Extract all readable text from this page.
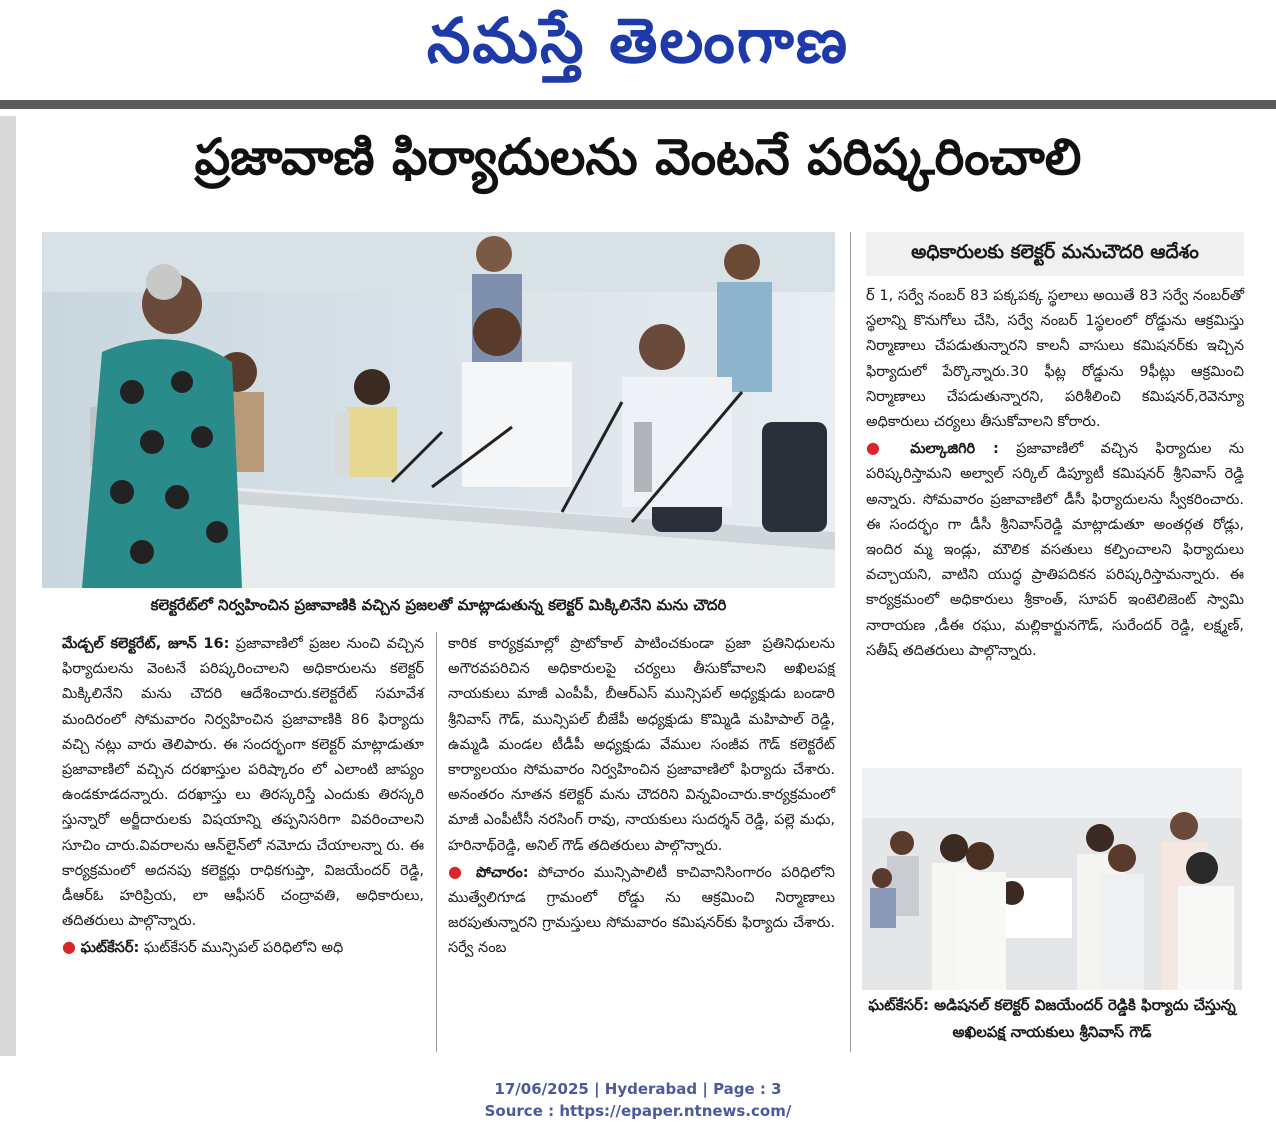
నమస్తే తెలంగాణ
ప్రజావాణి ఫిర్యాదులను వెంటనే పరిష్కరించాలి
కలెక్టరేట్‌లో నిర్వహించిన ప్రజావాణికి వచ్చిన ప్రజలతో మాట్లాడుతున్న కలెక్టర్ మిక్కిలినేని మను చౌదరి
అధికారులకు కలెక్టర్ మనుచౌదరి ఆదేశం

మేడ్చల్ కలెక్టరేట్, జూన్ 16: ప్రజావాణిలో ప్రజల నుంచి వచ్చిన ఫిర్యాదులను వెంటనే పరిష్కరించాలని అధికారులను కలెక్టర్ మిక్కిలినేని మను చౌదరి ఆదేశించారు.కలెక్టరేట్ సమావేశ మందిరంలో సోమవారం నిర్వహించిన ప్రజావాణికి 86 ఫిర్యాదు వచ్చి నట్లు వారు తెలిపారు. ఈ సందర్భంగా కలెక్టర్ మాట్లాడుతూ ప్రజావాణిలో వచ్చిన దరఖాస్తుల పరిష్కారం లో ఎలాంటి జాప్యం ఉండకూడదన్నారు. దరఖాస్తు లు తిరస్కరిస్తే ఎందుకు తిరస్కరి స్తున్నారో అర్జీదారులకు విషయాన్ని తప్పనిసరిగా వివరించాలని సూచిం చారు.వివరాలను ఆన్‌లైన్‌లో నమోదు చేయాలన్నా రు. ఈ కార్యక్రమంలో అదనపు కలెక్టర్లు రాధికగుప్తా, విజయేందర్ రెడ్డి, డీఆర్‌ఓ హరిప్రియ, లా ఆఫీసర్ చంద్రావతి, అధికారులు, తదితరులు పాల్గొన్నారు.

● ఘట్‌కేసర్: ఘట్‌కేసర్ మున్సిపల్ పరిధిలోని అధి

కారిక కార్యక్రమాల్లో ప్రొటోకాల్ పాటించకుండా ప్రజా ప్రతినిధులను అగౌరవపరిచిన అధికారులపై చర్యలు తీసుకోవాలని అఖిలపక్ష నాయకులు మాజీ ఎంపీపీ, బీఆర్‌ఎస్ మున్సిపల్ అధ్యక్షుడు బండారి శ్రీనివాస్ గౌడ్, మున్సిపల్ బీజేపీ అధ్యక్షుడు కొమ్మిడి మహిపాల్ రెడ్డి, ఉమ్మడి మండల టీడీపీ అధ్యక్షుడు వేముల సంజీవ గౌడ్ కలెక్టరేట్ కార్యాలయం సోమవారం నిర్వహించిన ప్రజావాణిలో ఫిర్యాదు చేశారు. అనంతరం నూతన కలెక్టర్ మను చౌదరిని విన్నవించారు.కార్యక్రమంలో మాజీ ఎంపీటీసీ నరసింగ్ రావు, నాయకులు సుదర్శన్ రెడ్డి, పల్లె మధు, హరినాథ్‌రెడ్డి, అనిల్ గౌడ్ తదితరులు పాల్గొన్నారు.

● పోచారం: పోచారం మున్సిపాలిటీ కాచివానిసింగారం పరిధిలోని ముత్వేలిగూడ గ్రామంలో రోడ్డు ను ఆక్రమించి నిర్మాణాలు జరపుతున్నారని గ్రామస్తులు సోమవారం కమిషనర్‌కు ఫిర్యాదు చేశారు. సర్వే నంబ

ర్ 1, సర్వే నంబర్ 83 పక్కపక్క స్థలాలు అయితే 83 సర్వే నంబర్‌తో స్థలాన్ని కొనుగోలు చేసి, సర్వే నంబర్ 1స్థలంలో రోడ్డును ఆక్రమిస్తు నిర్మాణాలు చేపడుతున్నారని కాలనీ వాసులు కమిషనర్‌కు ఇచ్చిన ఫిర్యాదులో పేర్కొన్నారు.30 ఫీట్ల రోడ్డును 9ఫీట్లు ఆక్రమించి నిర్మాణాలు చేపడుతున్నారని, పరిశీలించి కమిషనర్,రెవెన్యూ అధికారులు చర్యలు తీసుకోవాలని కోరారు.

● మల్కాజిగిరి : ప్రజావాణిలో వచ్చిన ఫిర్యాదుల ను పరిష్కరిస్తామని అల్వాల్ సర్కిల్ డిప్యూటీ కమిషనర్ శ్రీనివాస్ రెడ్డి అన్నారు. సోమవారం ప్రజావాణిలో డీసీ ఫిర్యాదులను స్వీకరించారు. ఈ సందర్భం గా డీసీ శ్రీనివాస్‌రెడ్డి మాట్లాడుతూ అంతర్గత రోడ్లు, ఇందిర మ్మ ఇండ్లు, మౌలిక వసతులు కల్పించాలని ఫిర్యాదులు వచ్చాయని, వాటిని యుద్ధ ప్రాతిపదికన పరిష్కరిస్తామన్నారు. ఈ కార్యక్రమంలో అధికారులు శ్రీకాంత్, సూపర్ ఇంటెలిజెంట్ స్వామి నారాయణ ,డీఈ రఘు, మల్లికార్జునగౌడ్, సురేందర్ రెడ్డి, లక్ష్మణ్, సతీష్ తదితరులు పాల్గొన్నారు.

ఘట్‌కేసర్: అడిషనల్ కలెక్టర్ విజయేందర్ రెడ్డికి ఫిర్యాదు చేస్తున్న అఖిలపక్ష నాయకులు శ్రీనివాస్ గౌడ్
17/06/2025 | Hyderabad | Page : 3
Source : https://epaper.ntnews.com/
